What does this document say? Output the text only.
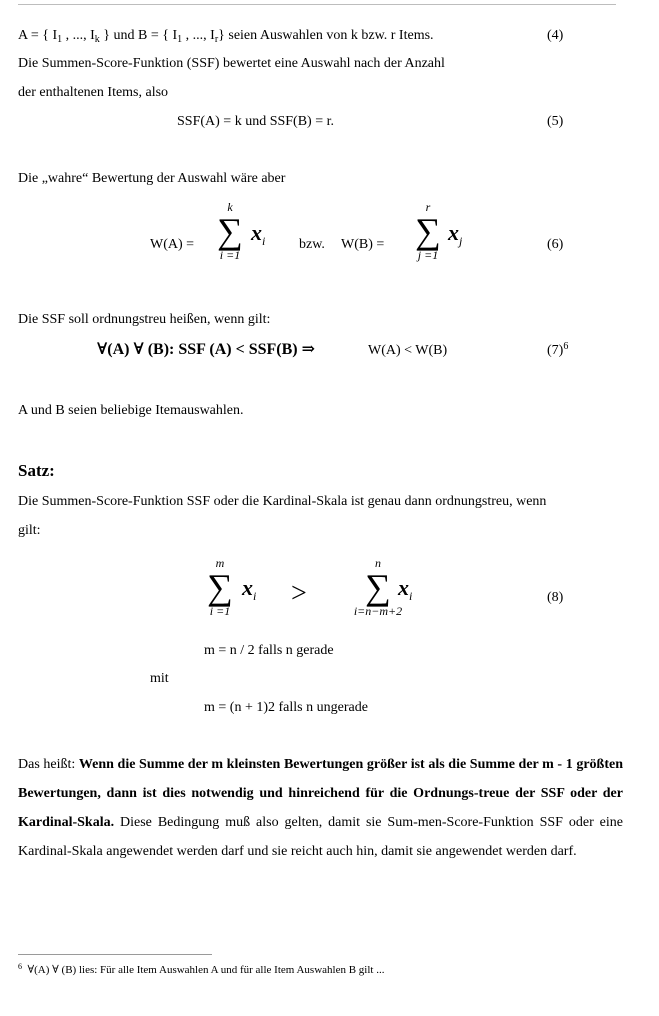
A = { $I_1$ , ..., $I_k$ } und B = { $I_1$ , ..., $I_r$} seien Auswahlen von k bzw. r Items.	(4)
Die Summen-Score-Funktion (SSF) bewertet eine Auswahl nach der Anzahl
der enthaltenen Items, also
SSF(A) = k und SSF(B) = r.	(5)
Die „wahre“ Bewertung der Auswahl wäre aber
W(A) =
k
∑
i =1
$x_i$ bzw. W(B) =
r
∑
j =1
$x_j$	(6)
Die SSF soll ordnungstreu heißen, wenn gilt:
∀(A) ∀ (B): SSF (A) < SSF(B) ⇒	W(A) < W(B)	$(7)^6$
A und B seien beliebige Itemauswahlen.
Satz:
Die Summen-Score-Funktion SSF oder die Kardinal-Skala ist genau dann ordnungstreu, wenn
gilt:
m
∑
i =1
$x_i$ >
n
∑
i=n−m+2
$x_i$	(8)
m = n / 2 falls n gerade
mit
m = (n + 1)2 falls n ungerade
Das heißt: Wenn die Summe der m kleinsten Bewertungen größer ist als die Summe der m - 1 größten Bewertungen, dann ist dies notwendig und hinreichend für die Ordnungs-treue der SSF oder der Kardinal-Skala. Diese Bedingung muß also gelten, damit sie Sum-men-Score-Funktion SSF oder eine Kardinal-Skala angewendet werden darf und sie reicht auch hin, damit sie angewendet werden darf.
$^6$ ∀(A) ∀ (B) lies: Für alle Item Auswahlen A und für alle Item Auswahlen B gilt ...
